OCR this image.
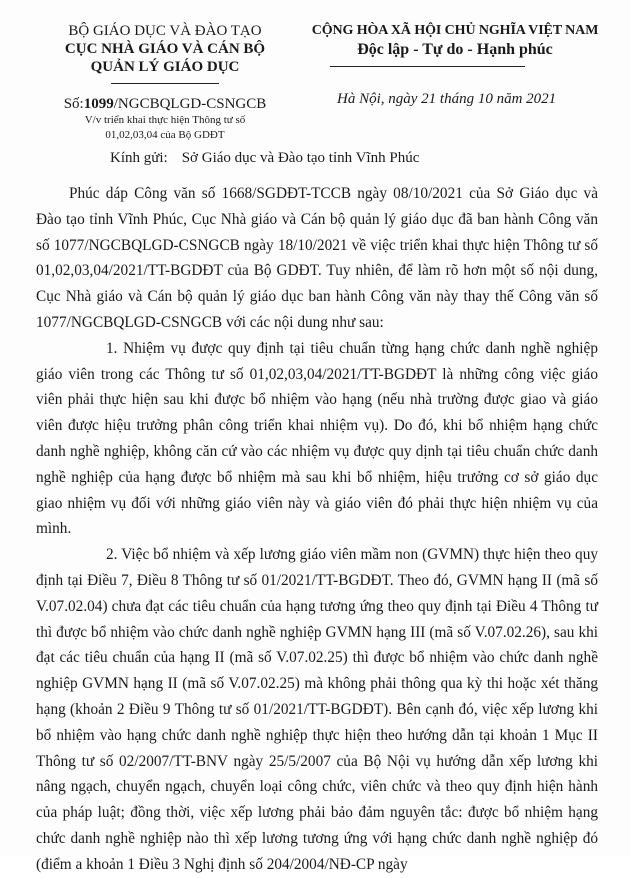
BỘ GIÁO DỤC VÀ ĐÀO TẠO
CỤC NHÀ GIÁO VÀ CÁN BỘ
QUẢN LÝ GIÁO DỤC
CỘNG HÒA XÃ HỘI CHỦ NGHĨA VIỆT NAM
Độc lập - Tự do - Hạnh phúc
Số:1099/NGCBQLGD-CSNGCB
V/v triển khai thực hiện Thông tư số
01,02,03,04 của Bộ GDĐT
Hà Nội, ngày 21 tháng 10 năm 2021
Kính gửi: Sở Giáo dục và Đào tạo tỉnh Vĩnh Phúc

Phúc dáp Công văn số 1668/SGDĐT-TCCB ngày 08/10/2021 của Sở Giáo dục và Đào tạo tỉnh Vĩnh Phúc, Cục Nhà giáo và Cán bộ quản lý giáo dục đã ban hành Công văn số 1077/NGCBQLGD-CSNGCB ngày 18/10/2021 về việc triển khai thực hiện Thông tư số 01,02,03,04/2021/TT-BGDĐT của Bộ GDĐT. Tuy nhiên, để làm rõ hơn một số nội dung, Cục Nhà giáo và Cán bộ quản lý giáo dục ban hành Công văn này thay thế Công văn số 1077/NGCBQLGD-CSNGCB với các nội dung như sau:

1. Nhiệm vụ được quy định tại tiêu chuẩn từng hạng chức danh nghề nghiệp giáo viên trong các Thông tư số 01,02,03,04/2021/TT-BGDĐT là những công việc giáo viên phải thực hiện sau khi được bổ nhiệm vào hạng (nếu nhà trường được giao và giáo viên được hiệu trưởng phân công triển khai nhiệm vụ). Do đó, khi bổ nhiệm hạng chức danh nghề nghiệp, không căn cứ vào các nhiệm vụ được quy dịnh tại tiêu chuẩn chức danh nghề nghiệp của hạng được bổ nhiệm mà sau khi bổ nhiệm, hiệu trưởng cơ sở giáo dục giao nhiệm vụ đối với những giáo viên này và giáo viên đó phải thực hiện nhiệm vụ của mình.

2. Việc bổ nhiệm và xếp lương giáo viên mầm non (GVMN) thực hiện theo quy định tại Điều 7, Điều 8 Thông tư số 01/2021/TT-BGDĐT. Theo đó, GVMN hạng II (mã số V.07.02.04) chưa đạt các tiêu chuẩn của hạng tương ứng theo quy định tại Điều 4 Thông tư thì được bổ nhiệm vào chức danh nghề nghiệp GVMN hạng III (mã số V.07.02.26), sau khi đạt các tiêu chuẩn của hạng II (mã số V.07.02.25) thì được bổ nhiệm vào chức danh nghề nghiệp GVMN hạng II (mã số V.07.02.25) mà không phải thông qua kỳ thi hoặc xét thăng hạng (khoản 2 Điều 9 Thông tư số 01/2021/TT-BGDĐT). Bên cạnh đó, việc xếp lương khi bổ nhiệm vào hạng chức danh nghề nghiệp thực hiện theo hướng dẫn tại khoản 1 Mục II Thông tư số 02/2007/TT-BNV ngày 25/5/2007 của Bộ Nội vụ hướng dẫn xếp lương khi nâng ngạch, chuyển ngạch, chuyển loại công chức, viên chức và theo quy định hiện hành của pháp luật; đồng thời, việc xếp lương phải bảo đảm nguyên tắc: được bổ nhiệm hạng chức danh nghề nghiệp nào thì xếp lương tương ứng với hạng chức danh nghề nghiệp đó (điểm a khoản 1 Điều 3 Nghị định số 204/2004/NĐ-CP ngày
